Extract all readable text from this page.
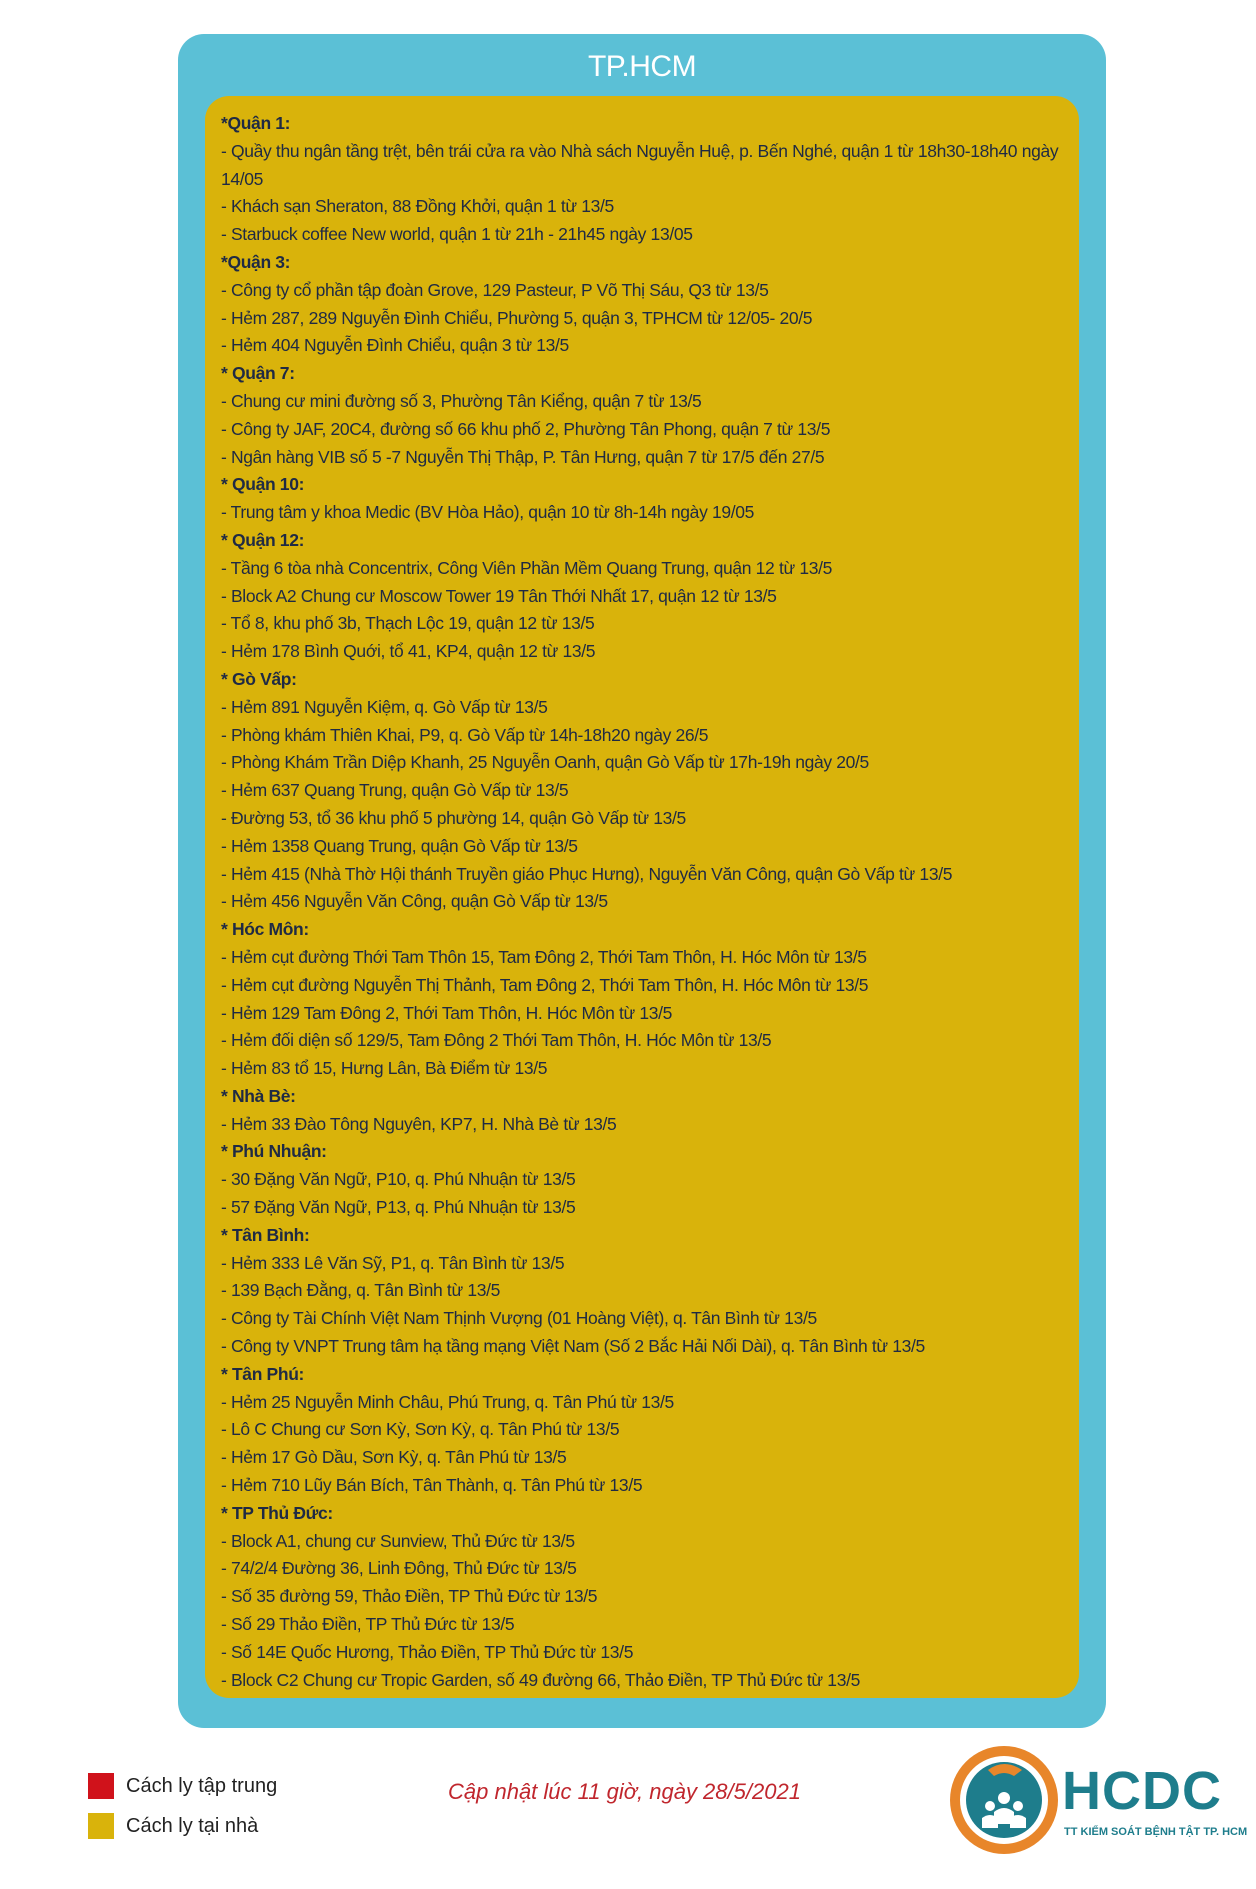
TP.HCM
*Quận 1:
- Quầy thu ngân tầng trệt, bên trái cửa ra vào Nhà sách Nguyễn Huệ, p. Bến Nghé, quận 1 từ 18h30-18h40 ngày 14/05
- Khách sạn Sheraton, 88 Đồng Khởi, quận 1 từ 13/5
- Starbuck coffee New world, quận 1 từ 21h - 21h45 ngày 13/05
*Quận 3:
- Công ty cổ phần tập đoàn Grove, 129 Pasteur, P Võ Thị Sáu, Q3 từ 13/5
- Hẻm 287, 289 Nguyễn Đình Chiểu, Phường 5, quận 3, TPHCM từ 12/05- 20/5
- Hẻm 404 Nguyễn Đình Chiểu, quận 3 từ 13/5
* Quận 7:
- Chung cư mini đường số 3, Phường Tân Kiểng, quận 7 từ 13/5
- Công ty JAF, 20C4, đường số 66 khu phố 2, Phường Tân Phong, quận 7 từ 13/5
- Ngân hàng VIB số 5 -7 Nguyễn Thị Thập, P. Tân Hưng, quận 7 từ 17/5 đến 27/5
* Quận 10:
- Trung tâm y khoa Medic (BV Hòa Hảo), quận 10 từ 8h-14h ngày 19/05
* Quận 12:
- Tầng 6 tòa nhà Concentrix, Công Viên Phần Mềm Quang Trung, quận 12 từ 13/5
- Block A2 Chung cư Moscow Tower 19 Tân Thới Nhất 17, quận 12 từ 13/5
- Tổ 8, khu phố 3b, Thạch Lộc 19, quận 12 từ 13/5
- Hẻm 178 Bình Quới, tổ 41, KP4, quận 12 từ 13/5
* Gò Vấp:
- Hẻm 891 Nguyễn Kiệm, q. Gò Vấp từ 13/5
- Phòng khám Thiên Khai, P9, q. Gò Vấp từ 14h-18h20 ngày 26/5
- Phòng Khám Trần Diệp Khanh, 25 Nguyễn Oanh, quận Gò Vấp từ 17h-19h ngày 20/5
- Hẻm 637 Quang Trung, quận Gò Vấp từ 13/5
- Đường 53, tổ 36 khu phố 5 phường 14, quận Gò Vấp từ 13/5
- Hẻm 1358 Quang Trung, quận Gò Vấp từ 13/5
- Hẻm 415 (Nhà Thờ Hội thánh Truyền giáo Phục Hưng), Nguyễn Văn Công, quận Gò Vấp từ 13/5
- Hẻm 456 Nguyễn Văn Công, quận Gò Vấp từ 13/5
* Hóc Môn:
- Hẻm cụt đường Thới Tam Thôn 15, Tam Đông 2, Thới Tam Thôn, H. Hóc Môn từ 13/5
- Hẻm cụt đường Nguyễn Thị Thảnh, Tam Đông 2, Thới Tam Thôn, H. Hóc Môn từ 13/5
- Hẻm 129 Tam Đông 2, Thới Tam Thôn, H. Hóc Môn từ 13/5
- Hẻm đối diện số 129/5, Tam Đông 2 Thới Tam Thôn, H. Hóc Môn từ 13/5
- Hẻm 83 tổ 15, Hưng Lân, Bà Điểm từ 13/5
* Nhà Bè:
- Hẻm 33 Đào Tông Nguyên, KP7, H. Nhà Bè từ 13/5
* Phú Nhuận:
- 30 Đặng Văn Ngữ, P10, q. Phú Nhuận từ 13/5
- 57 Đặng Văn Ngữ, P13, q. Phú Nhuận từ 13/5
* Tân Bình:
- Hẻm 333 Lê Văn Sỹ, P1, q. Tân Bình từ 13/5
- 139 Bạch Đằng, q. Tân Bình từ 13/5
- Công ty Tài Chính Việt Nam Thịnh Vượng (01 Hoàng Việt), q. Tân Bình từ 13/5
- Công ty VNPT Trung tâm hạ tầng mạng Việt Nam (Số 2 Bắc Hải Nối Dài), q. Tân Bình từ 13/5
* Tân Phú:
- Hẻm 25 Nguyễn Minh Châu, Phú Trung, q. Tân Phú từ 13/5
- Lô C Chung cư Sơn Kỳ, Sơn Kỳ, q. Tân Phú từ 13/5
- Hẻm 17 Gò Dầu, Sơn Kỳ, q. Tân Phú từ 13/5
- Hẻm 710 Lũy Bán Bích, Tân Thành, q. Tân Phú từ 13/5
* TP Thủ Đức:
- Block A1, chung cư Sunview, Thủ Đức từ 13/5
- 74/2/4 Đường 36, Linh Đông, Thủ Đức từ 13/5
- Số 35 đường 59, Thảo Điền, TP Thủ Đức từ 13/5
- Số 29 Thảo Điền, TP Thủ Đức từ 13/5
- Số 14E Quốc Hương, Thảo Điền, TP Thủ Đức từ 13/5
- Block C2 Chung cư Tropic Garden, số 49 đường 66, Thảo Điền, TP Thủ Đức từ 13/5
Cách ly tập trung
Cách ly tại nhà
Cập nhật lúc 11 giờ, ngày 28/5/2021	HCDC
TT KIỂM SOÁT BỆNH TẬT TP. HCM
